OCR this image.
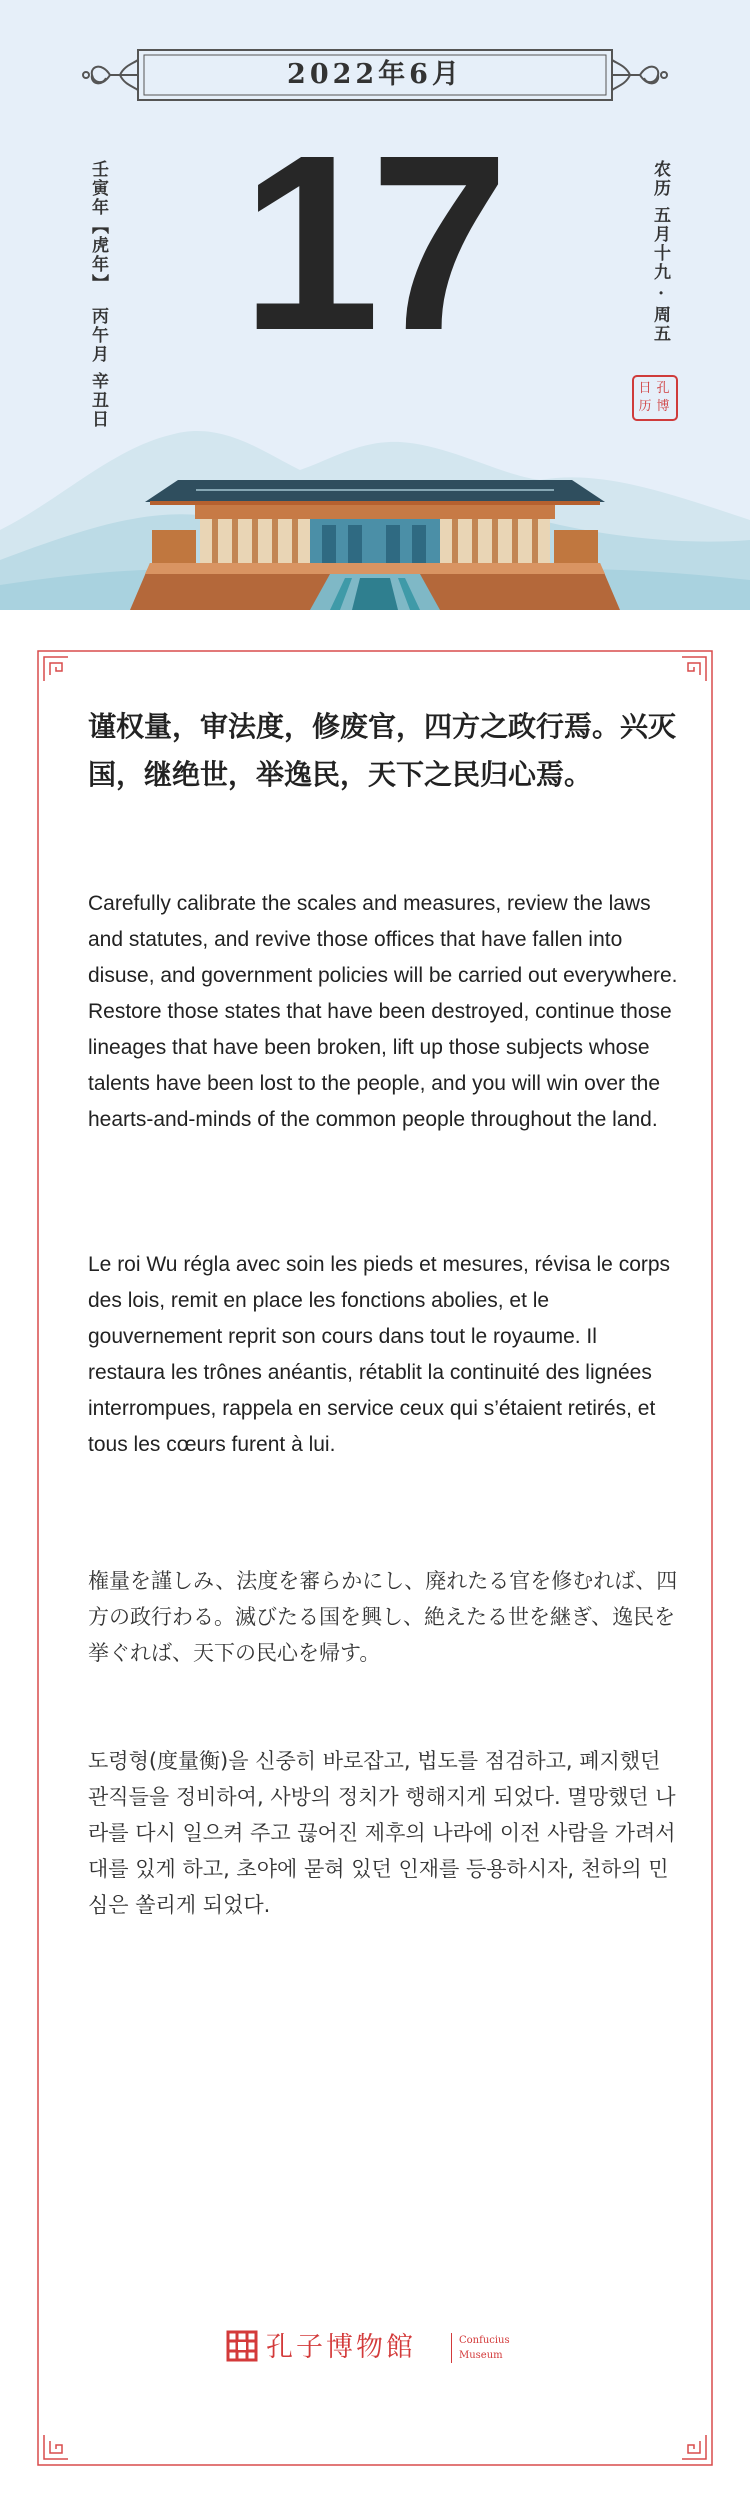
2022年6月
壬寅年【虎年】丙午月 辛丑日 17	农历 五月十九 · 周五
孔
博
日
历

谨权量，审法度，修废官，四方之政行焉。兴灭国，继绝世，举逸民，天下之民归心焉。

Carefully calibrate the scales and measures, review the laws and statutes, and revive those offices that have fallen into disuse, and government policies will be carried out everywhere. Restore those states that have been destroyed, continue those lineages that have been broken, lift up those subjects whose talents have been lost to the people, and you will win over the hearts-and-minds of the common people throughout the land.

Le roi Wu régla avec soin les pieds et mesures, révisa le corps des lois, remit en place les fonctions abolies, et le gouvernement reprit son cours dans tout le royaume. Il restaura les trônes anéantis, rétablit la continuité des lignées interrompues, rappela en service ceux qui s’étaient retirés, et tous les cœurs furent à lui.

権量を謹しみ、法度を審らかにし、廃れたる官を修むれば、四方の政行わる。滅びたる国を興し、絶えたる世を継ぎ、逸民を挙ぐれば、天下の民心を帰す。

도령형(度量衡)을 신중히 바로잡고, 법도를 점검하고, 폐지했던 관직들을 정비하여, 사방의 정치가 행해지게 되었다. 멸망했던 나라를 다시 일으켜 주고 끊어진 제후의 나라에 이전 사람을 가려서 대를 있게 하고, 초야에 묻혀 있던 인재를 등용하시자, 천하의 민심은 쏠리게 되었다.

孔子博物館	Confucius
Museum
